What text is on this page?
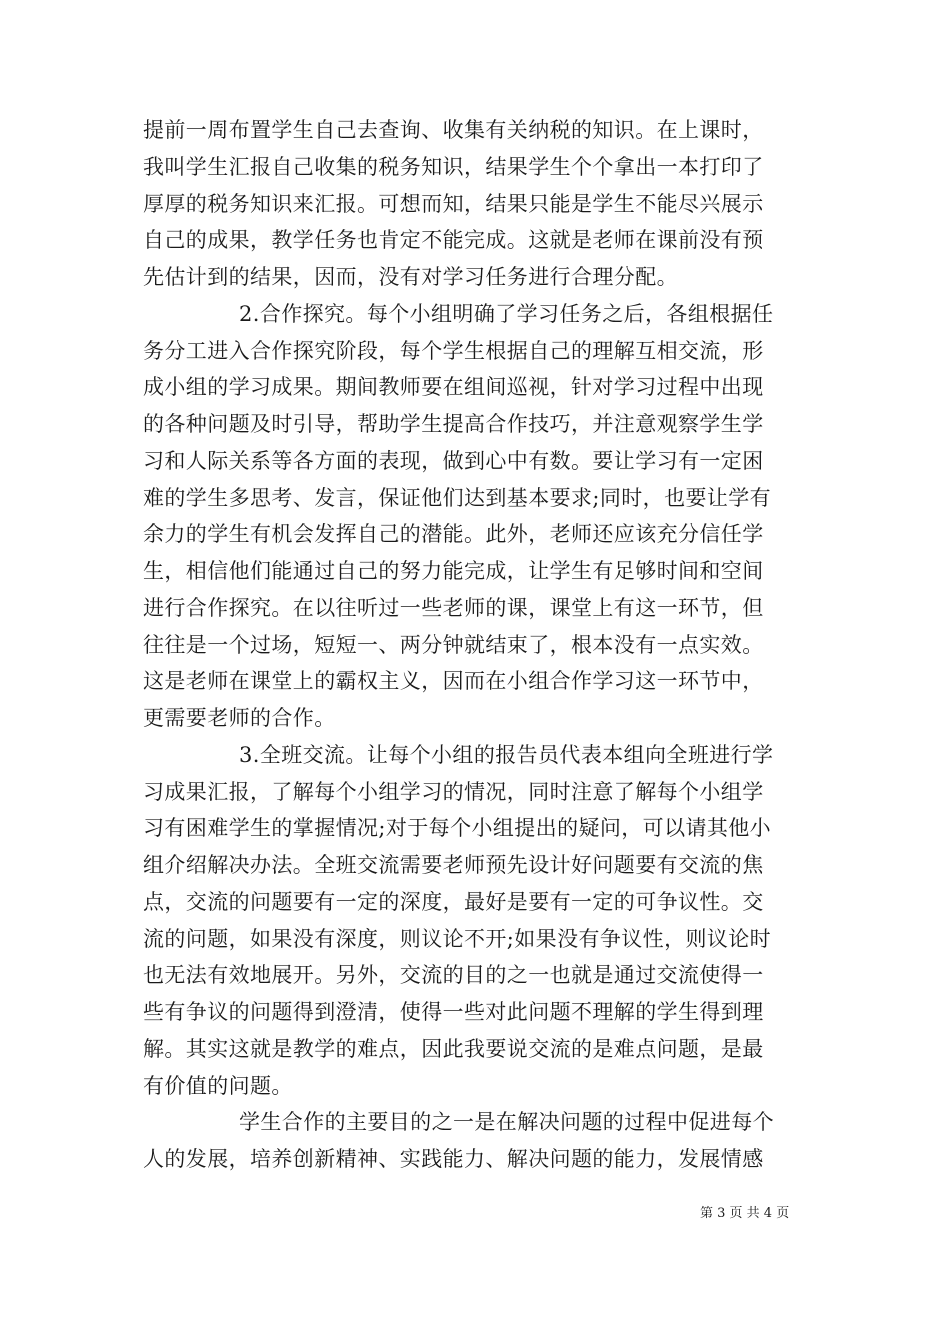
提前一周布置学生自己去查询、收集有关纳税的知识。在上课时，
我叫学生汇报自己收集的税务知识，结果学生个个拿出一本打印了
厚厚的税务知识来汇报。可想而知，结果只能是学生不能尽兴展示
自己的成果，教学任务也肯定不能完成。这就是老师在课前没有预
先估计到的结果，因而，没有对学习任务进行合理分配。
2.合作探究。每个小组明确了学习任务之后，各组根据任
务分工进入合作探究阶段，每个学生根据自己的理解互相交流，形
成小组的学习成果。期间教师要在组间巡视，针对学习过程中出现
的各种问题及时引导，帮助学生提高合作技巧，并注意观察学生学
习和人际关系等各方面的表现，做到心中有数。要让学习有一定困
难的学生多思考、发言，保证他们达到基本要求;同时，也要让学有
余力的学生有机会发挥自己的潜能。此外，老师还应该充分信任学
生，相信他们能通过自己的努力能完成，让学生有足够时间和空间
进行合作探究。在以往听过一些老师的课，课堂上有这一环节，但
往往是一个过场，短短一、两分钟就结束了，根本没有一点实效。
这是老师在课堂上的霸权主义，因而在小组合作学习这一环节中，
更需要老师的合作。
3.全班交流。让每个小组的报告员代表本组向全班进行学
习成果汇报，了解每个小组学习的情况，同时注意了解每个小组学
习有困难学生的掌握情况;对于每个小组提出的疑问，可以请其他小
组介绍解决办法。全班交流需要老师预先设计好问题要有交流的焦
点，交流的问题要有一定的深度，最好是要有一定的可争议性。交
流的问题，如果没有深度，则议论不开;如果没有争议性，则议论时
也无法有效地展开。另外，交流的目的之一也就是通过交流使得一
些有争议的问题得到澄清，使得一些对此问题不理解的学生得到理
解。其实这就是教学的难点，因此我要说交流的是难点问题，是最
有价值的问题。
学生合作的主要目的之一是在解决问题的过程中促进每个
人的发展，培养创新精神、实践能力、解决问题的能力，发展情感
第 3 页 共 4 页
